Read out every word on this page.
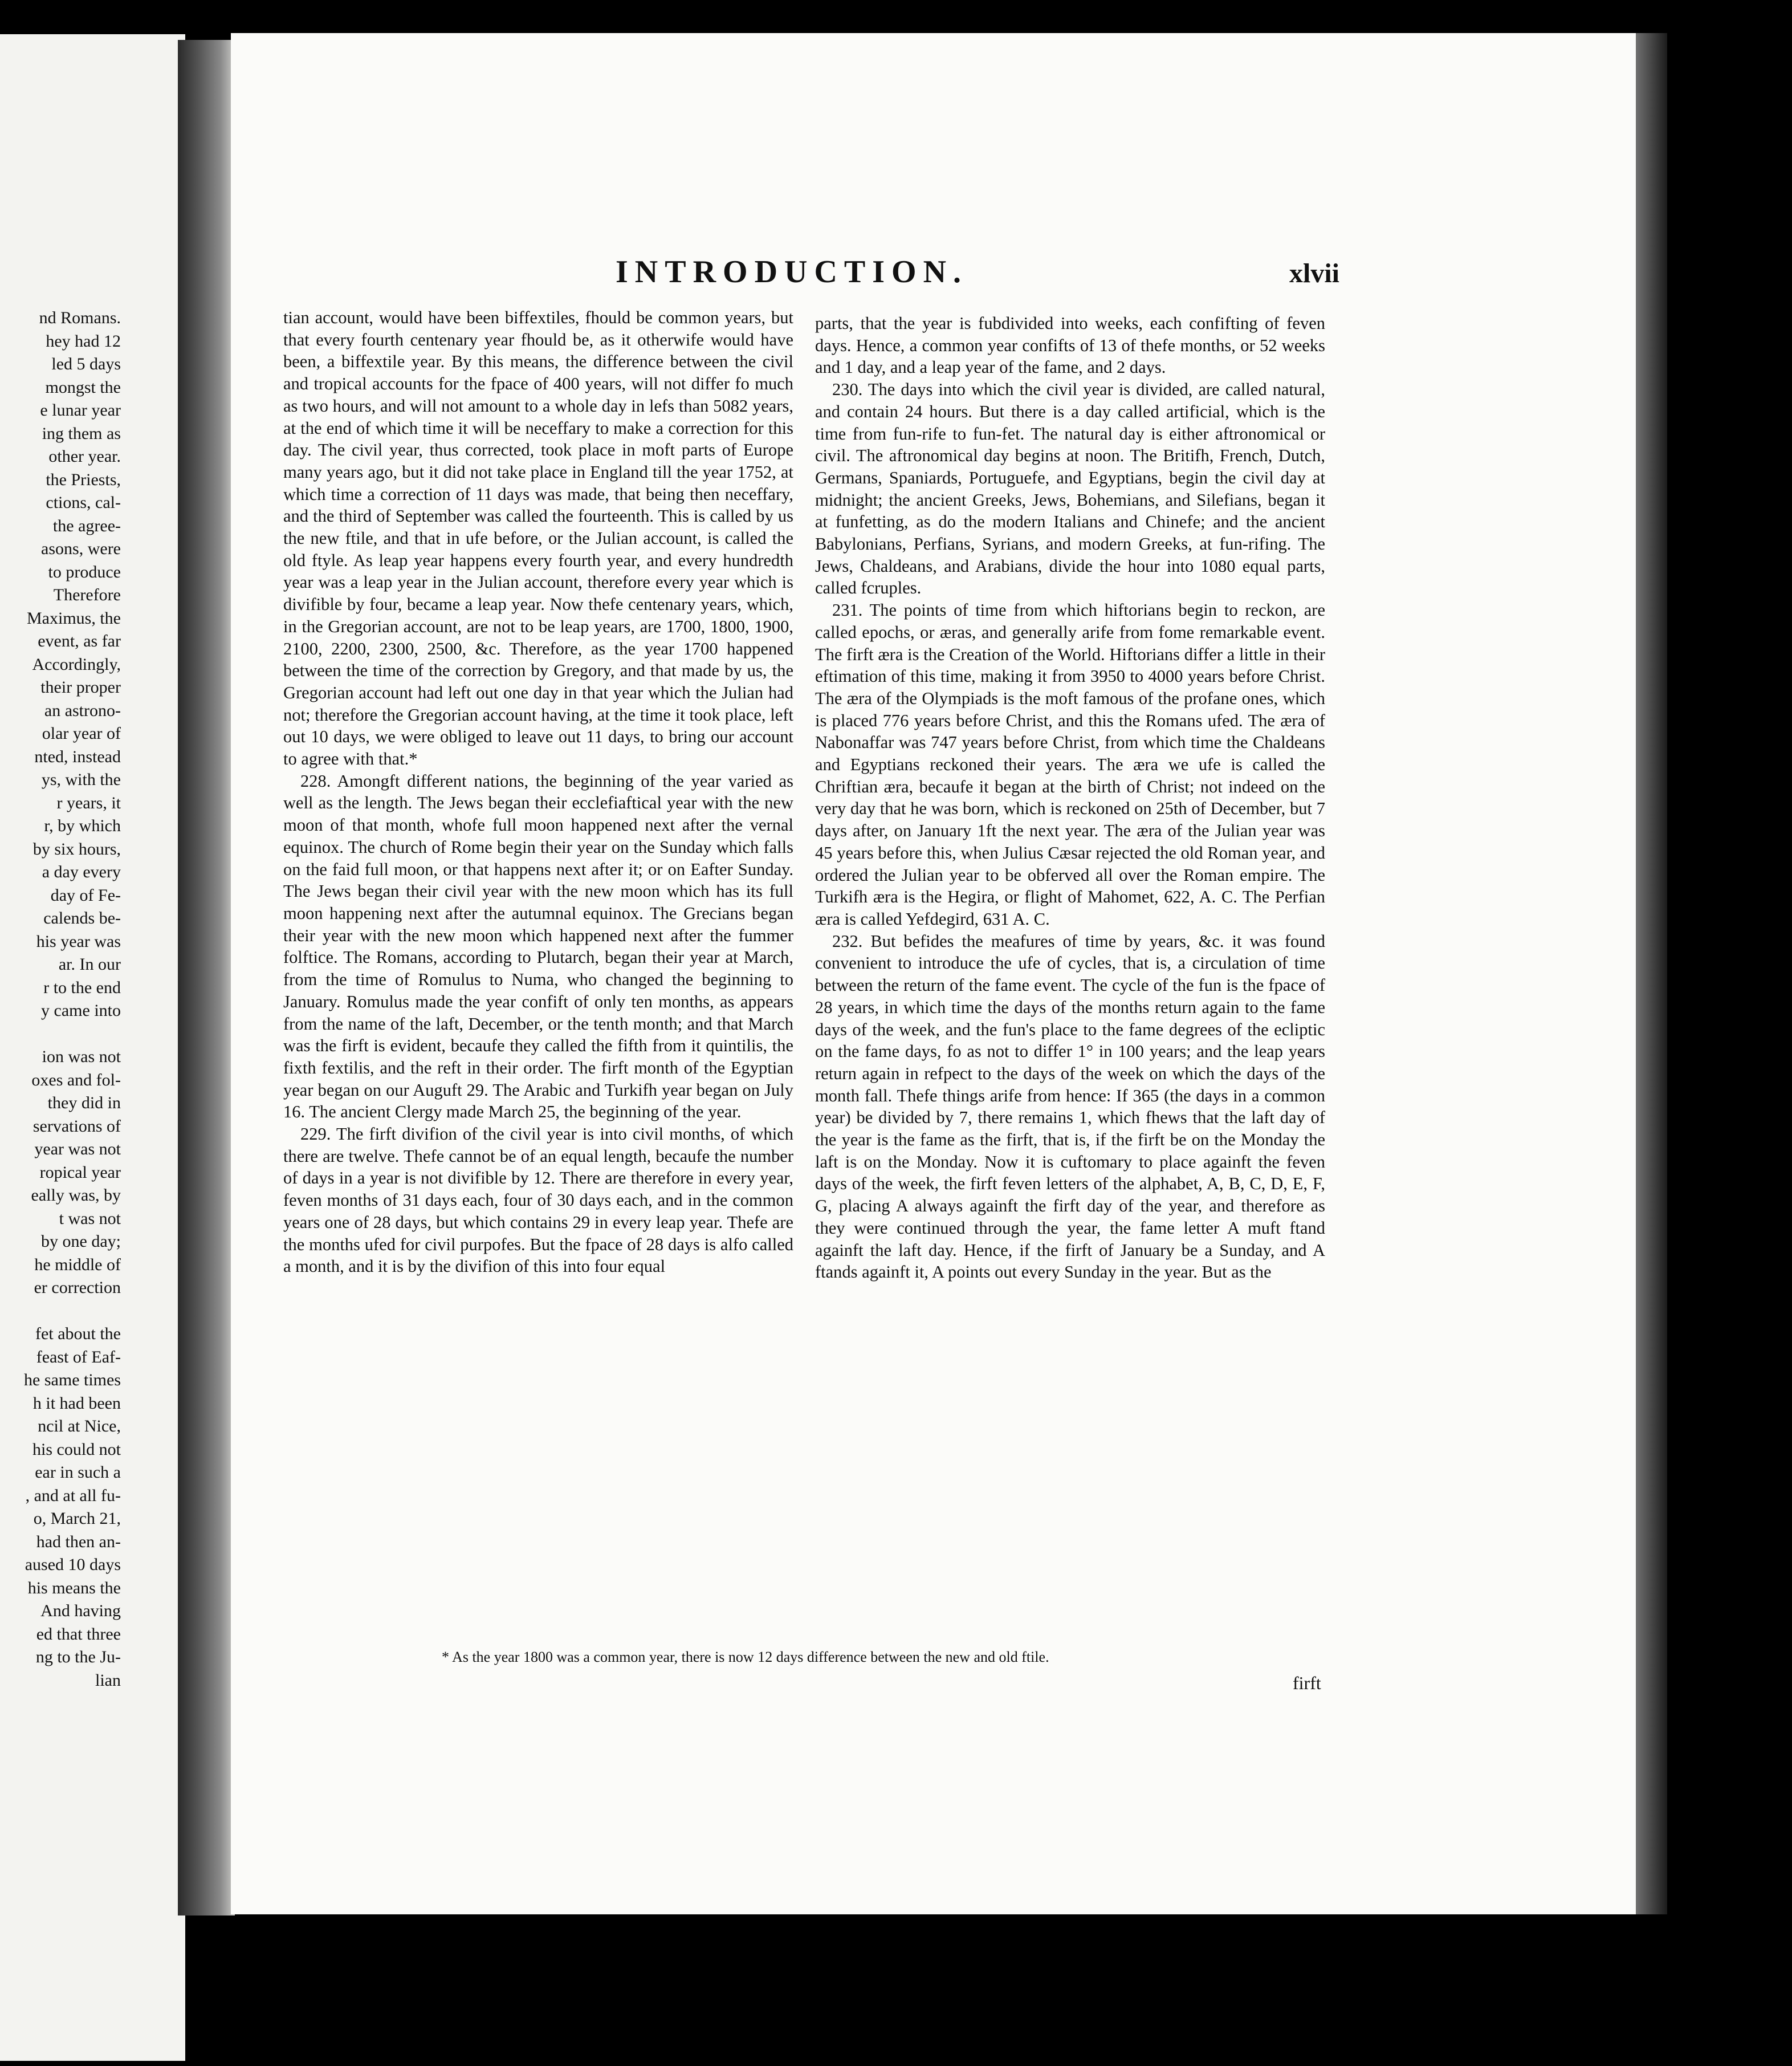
nd Romans.
hey had 12
led 5 days
mongst the
e lunar year
ing them as
other year.
the Priests,
ctions, cal-
the agree-
asons, were
to produce
Therefore
Maximus, the
event, as far
Accordingly,
their proper
an astrono-
olar year of
nted, instead
ys, with the
r years, it
r, by which
by six hours,
a day every
day of Fe-
calends be-
his year was
ar. In our
r to the end
y came into

ion was not
oxes and fol-
they did in
servations of
year was not
ropical year
eally was, by
t was not
by one day;
he middle of
er correction

fet about the
feast of Eaf-
he same times
h it had been
ncil at Nice,
his could not
ear in such a
, and at all fu-
o, March 21,
had then an-
aused 10 days
his means the
And having
ed that three
ng to the Ju-
lian
INTRODUCTION.	xlvii

tian account, would have been biffextiles, fhould be common years, but that every fourth centenary year fhould be, as it otherwife would have been, a biffextile year. By this means, the difference between the civil and tropical accounts for the fpace of 400 years, will not differ fo much as two hours, and will not amount to a whole day in lefs than 5082 years, at the end of which time it will be neceffary to make a correction for this day. The civil year, thus corrected, took place in moft parts of Europe many years ago, but it did not take place in England till the year 1752, at which time a correction of 11 days was made, that being then neceffary, and the third of September was called the fourteenth. This is called by us the new ftile, and that in ufe before, or the Julian account, is called the old ftyle. As leap year happens every fourth year, and every hundredth year was a leap year in the Julian account, therefore every year which is divifible by four, became a leap year. Now thefe centenary years, which, in the Gregorian account, are not to be leap years, are 1700, 1800, 1900, 2100, 2200, 2300, 2500, &c. Therefore, as the year 1700 happened between the time of the correction by Gregory, and that made by us, the Gregorian account had left out one day in that year which the Julian had not; therefore the Gregorian account having, at the time it took place, left out 10 days, we were obliged to leave out 11 days, to bring our account to agree with that.*

228. Amongft different nations, the beginning of the year varied as well as the length. The Jews began their ecclefiaftical year with the new moon of that month, whofe full moon happened next after the vernal equinox. The church of Rome begin their year on the Sunday which falls on the faid full moon, or that happens next after it; or on Eafter Sunday. The Jews began their civil year with the new moon which has its full moon happening next after the autumnal equinox. The Grecians began their year with the new moon which happened next after the fummer folftice. The Romans, according to Plutarch, began their year at March, from the time of Romulus to Numa, who changed the beginning to January. Romulus made the year confift of only ten months, as appears from the name of the laft, December, or the tenth month; and that March was the firft is evident, becaufe they called the fifth from it quintilis, the fixth fextilis, and the reft in their order. The firft month of the Egyptian year began on our Auguft 29. The Arabic and Turkifh year began on July 16. The ancient Clergy made March 25, the beginning of the year.

229. The firft divifion of the civil year is into civil months, of which there are twelve. Thefe cannot be of an equal length, becaufe the number of days in a year is not divifible by 12. There are therefore in every year, feven months of 31 days each, four of 30 days each, and in the common years one of 28 days, but which contains 29 in every leap year. Thefe are the months ufed for civil purpofes. But the fpace of 28 days is alfo called a month, and it is by the divifion of this into four equal

parts, that the year is fubdivided into weeks, each confifting of feven days. Hence, a common year confifts of 13 of thefe months, or 52 weeks and 1 day, and a leap year of the fame, and 2 days.

230. The days into which the civil year is divided, are called natural, and contain 24 hours. But there is a day called artificial, which is the time from fun-rife to fun-fet. The natural day is either aftronomical or civil. The aftronomical day begins at noon. The Britifh, French, Dutch, Germans, Spaniards, Portuguefe, and Egyptians, begin the civil day at midnight; the ancient Greeks, Jews, Bohemians, and Silefians, began it at funfetting, as do the modern Italians and Chinefe; and the ancient Babylonians, Perfians, Syrians, and modern Greeks, at fun-rifing. The Jews, Chaldeans, and Arabians, divide the hour into 1080 equal parts, called fcruples.

231. The points of time from which hiftorians begin to reckon, are called epochs, or æras, and generally arife from fome remarkable event. The firft æra is the Creation of the World. Hiftorians differ a little in their eftimation of this time, making it from 3950 to 4000 years before Christ. The æra of the Olympiads is the moft famous of the profane ones, which is placed 776 years before Christ, and this the Romans ufed. The æra of Nabonaffar was 747 years before Christ, from which time the Chaldeans and Egyptians reckoned their years. The æra we ufe is called the Chriftian æra, becaufe it began at the birth of Christ; not indeed on the very day that he was born, which is reckoned on 25th of December, but 7 days after, on January 1ft the next year. The æra of the Julian year was 45 years before this, when Julius Cæsar rejected the old Roman year, and ordered the Julian year to be obferved all over the Roman empire. The Turkifh æra is the Hegira, or flight of Mahomet, 622, A. C. The Perfian æra is called Yefdegird, 631 A. C.

232. But befides the meafures of time by years, &c. it was found convenient to introduce the ufe of cycles, that is, a circulation of time between the return of the fame event. The cycle of the fun is the fpace of 28 years, in which time the days of the months return again to the fame days of the week, and the fun's place to the fame degrees of the ecliptic on the fame days, fo as not to differ 1° in 100 years; and the leap years return again in refpect to the days of the week on which the days of the month fall. Thefe things arife from hence: If 365 (the days in a common year) be divided by 7, there remains 1, which fhews that the laft day of the year is the fame as the firft, that is, if the firft be on the Monday the laft is on the Monday. Now it is cuftomary to place againft the feven days of the week, the firft feven letters of the alphabet, A, B, C, D, E, F, G, placing A always againft the firft day of the year, and therefore as they were continued through the year, the fame letter A muft ftand againft the laft day. Hence, if the firft of January be a Sunday, and A ftands againft it, A points out every Sunday in the year. But as the

* As the year 1800 was a common year, there is now 12 days difference between the new and old ftile.
firft
